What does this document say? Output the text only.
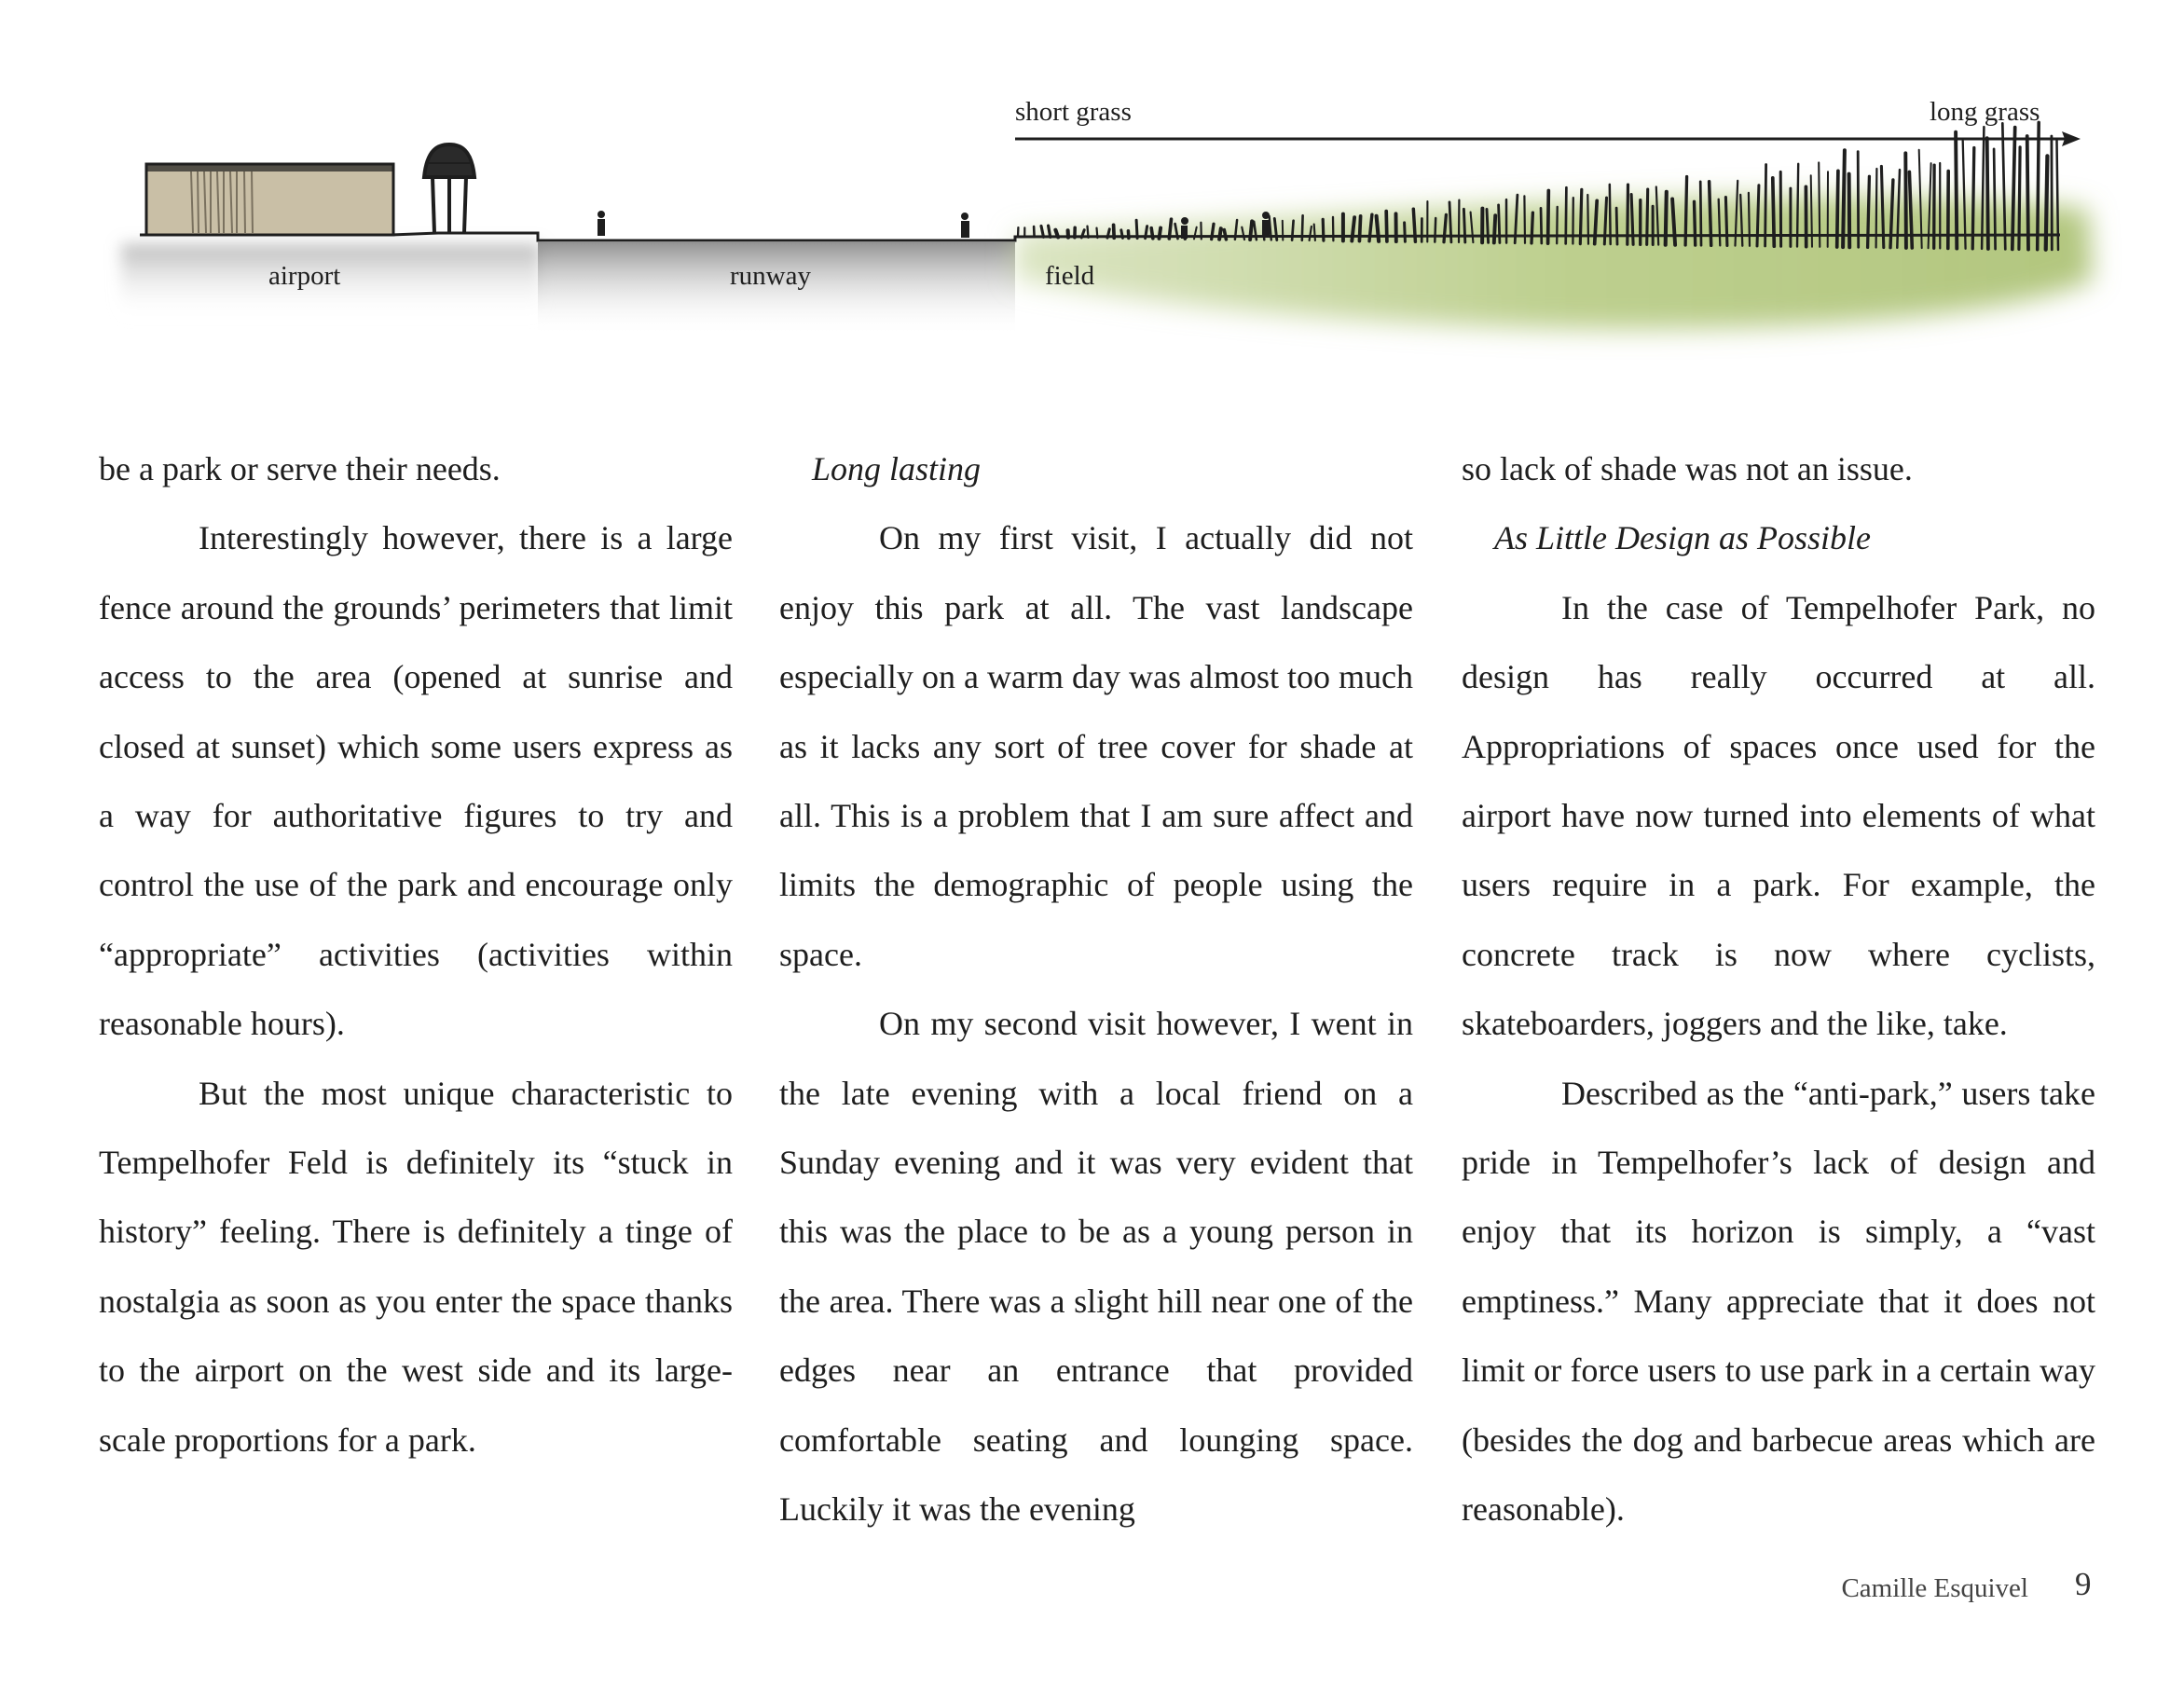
short grass	long grass
airport	runway	field

be a park or serve their needs.

Interestingly however, there is a large fence around the grounds’ perimeters that limit access to the area (opened at sunrise and closed at sunset) which some users express as a way for authoritative figures to try and control the use of the park and encourage only “appropriate” activities (activities within reasonable hours).

But the most unique characteristic to Tempelhofer Feld is definitely its “stuck in history” feeling. There is definitely a tinge of nostalgia as soon as you enter the space thanks to the airport on the west side and its large-scale proportions for a park.

Long lasting

On my first visit, I actually did not enjoy this park at all. The vast landscape especially on a warm day was almost too much as it lacks any sort of tree cover for shade at all. This is a problem that I am sure affect and limits the demographic of people using the space.

On my second visit however, I went in the late evening with a local friend on a Sunday evening and it was very evident that this was the place to be as a young person in the area. There was a slight hill near one of the edges near an entrance that provided comfortable seating and lounging space. Luckily it was the evening

so lack of shade was not an issue.

As Little Design as Possible

In the case of Tempelhofer Park, no design has really occurred at all. Appropriations of spaces once used for the airport have now turned into elements of what users require in a park. For example, the concrete track is now where cyclists, skateboarders, joggers and the like, take.

Described as the “anti-park,” users take pride in Tempelhofer’s lack of design and enjoy that its horizon is simply, a “vast emptiness.” Many appreciate that it does not limit or force users to use park in a certain way (besides the dog and barbecue areas which are reasonable).

Camille Esquivel 9
